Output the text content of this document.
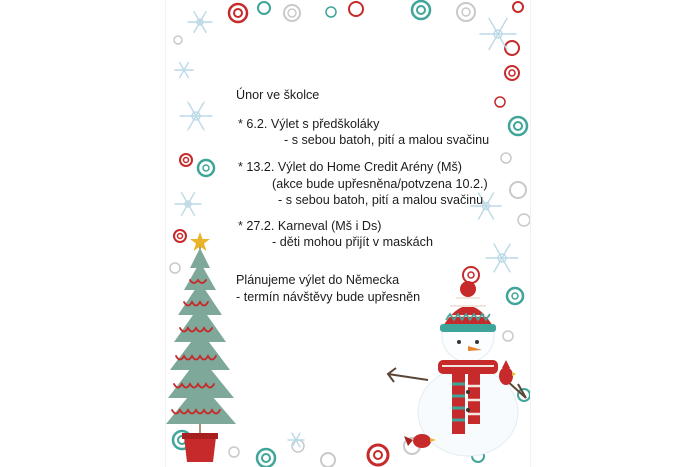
Únor ve školce
* 6.2. Výlet s předškoláky
- s sebou batoh, pití a malou svačinu
* 13.2. Výlet do Home Credit Arény (Mš)
(akce bude upřesněna/potvzena 10.2.)
- s sebou batoh, pití a malou svačinu
* 27.2. Karneval (Mš i Ds)
- děti mohou přijít v maskách
Plánujeme výlet do Německa
- termín návštěvy bude upřesněn
